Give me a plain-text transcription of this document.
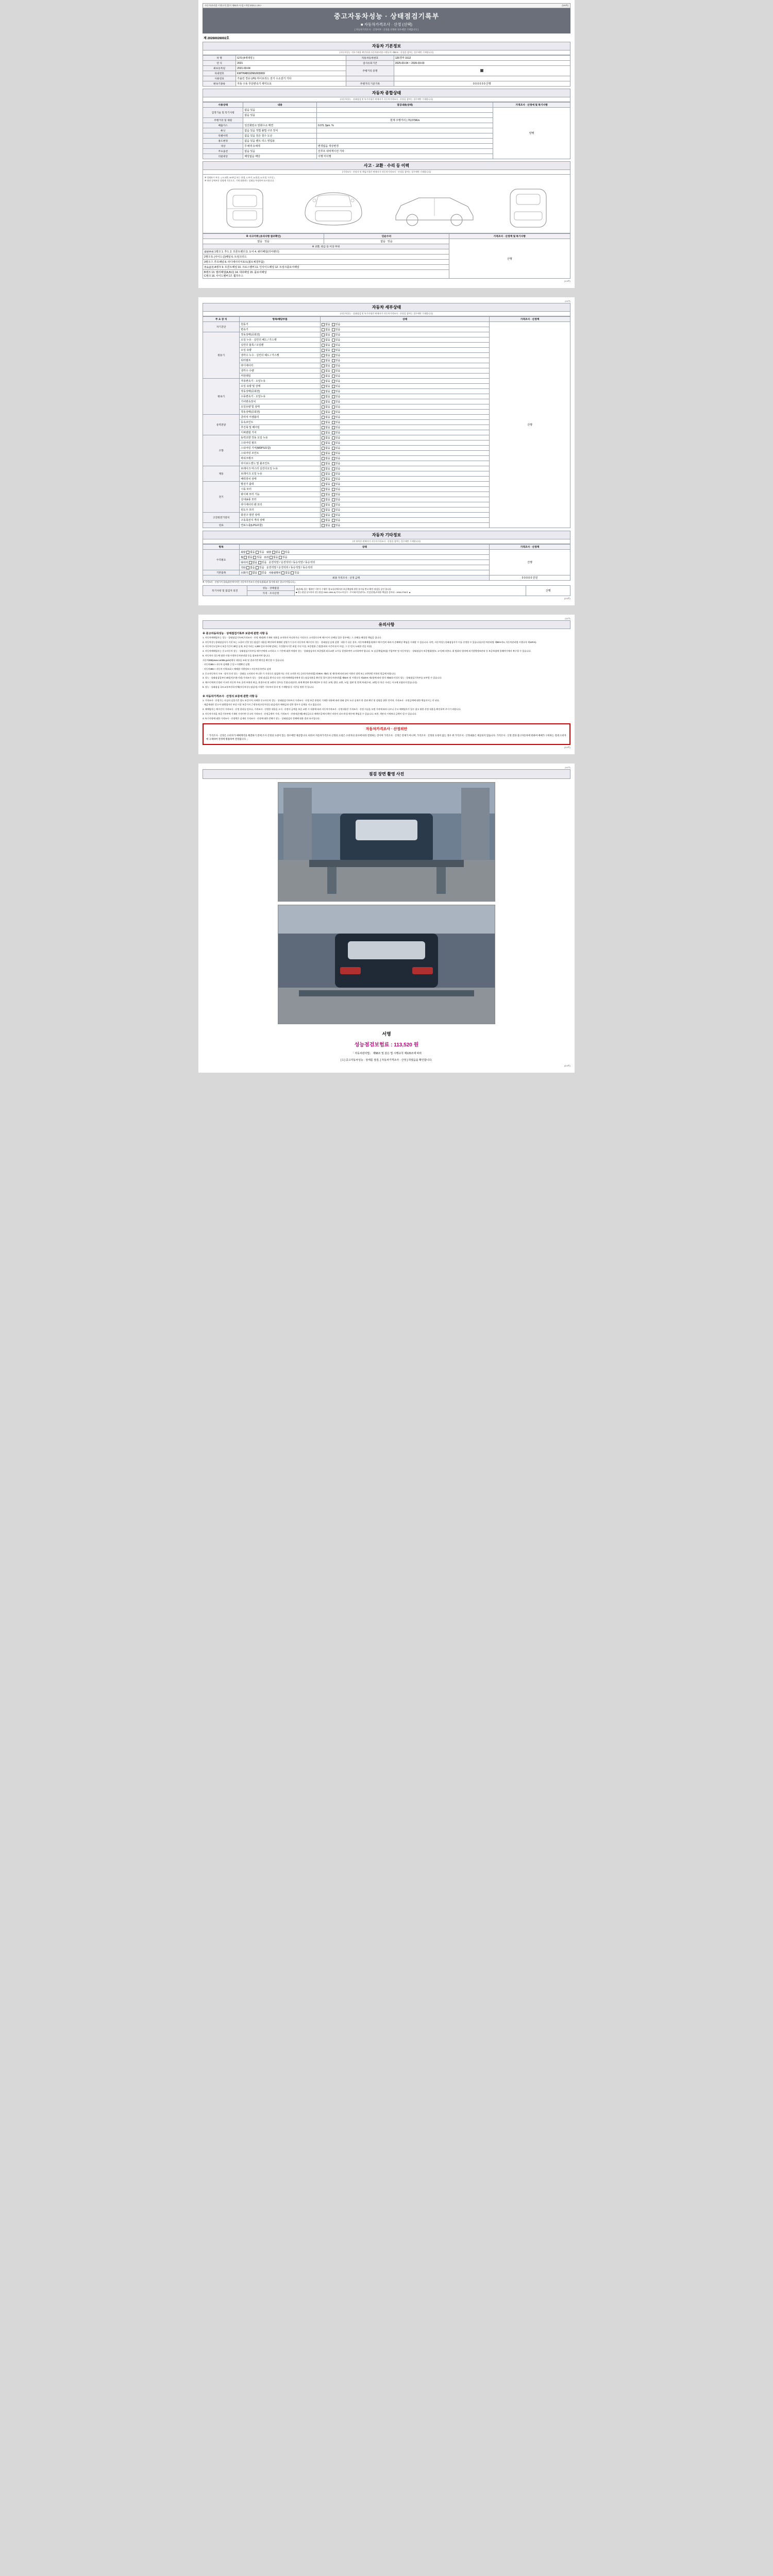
자동차관리법 시행규칙 [별지 제82호서식] <개정 2021.1.19.>	(1/4쪽)
중고자동차성능 · 상태점검기록부
■ 자동차가격조사 · 산정 (선택)
[ 자동차가격조사 · 산정여부 : 산정을 선택한 경우에만 기재합니다 ]
제 20260026002호
자동차 기본정보
(자동차성능 기본기재용 확인단위 자동차관리법 시행규칙 제82조 : 산정을 참여는 경우에만 기재합니다)
차 명	G70 (4세대열 )	자동차등록번호	126경마 1612
연 식	2021	검사유효기간	2025-03-04 ~ 2026-03-03
최초등록일	2021-03-04	주행거리 증명	
차대번호	KMTHAB192MU003069		
사용연료	가솔린 경유 LPG 하이브리드 전기 수소전기 기타		
변속기종류	자동 수동 무단변속기 세미오토	주행거리 기준기록	0 0 0 0 0 0 산행
자동차 종합상태
(자동차성능 · 상태점검 및 특기사항은 판매자가 자동차가격조사 · 산정을 참여는 경우에만 기재합니다)
사용상태	내용	점검내용(상태)	가격조사 · 산정에 및 특기사항
검정기술 및 특기사항	없음 있음		양행
	없음 있음		
주행거리 및 제원		현재 주행거리 | 70,079Km	
배출가스	일산화탄소 탄화수소 매연	0.07L 3pm. %	
튜닝	없음 있음 적법 불법 구조 장치		
특별이력	없음 있음 전손 침수 도난		
용도변경	없음 있음 렌트 리스 영업용		
색상	무채색 유채색	변경없음 색상변경	
주요옵션	없음 있음	선루프 내비게이션 기타	
리콜대상	해당없음 해당	이행 미이행	
사고 · 교환 · 수리 등 이력
(가격조사 · 산정자 및 책임시항은 판매자가 자동차가격조사 · 산정을 참여는 경우에만 기재합니다)
※ 상태표시 부호 : ( X:교환, W:판금 또는 용접, C:부식, A:흠집, U:요철, T:손상 )
※ 하단 상세부분 설명에 기준으로, 기재 대용하는 상태를 특정하여 표시합니다.
※ 사고이력 (유의사항 참조확인)	단순수리	가격조사 · 산정액 및 특기사항
없음   있음	없음   있음	산행
※ 교환, 판금 등 이상 부위		
외판부위 1랭크 1. 후드 2. 프론트펜더 3. 도어 4. 쿼터패널(리어펜더)		
2랭크 5. (사이드실)패널 6. 트렁크리드		
3랭크 7. 루프패널 8. 라디에이터서포트(볼트체결부품)		
주요골격 A랭크 9. 프론트패널 10. 크로스멤버 11. 인사이드패널 12. 트렁크플로어패널		
B랭크 13. 필러패널(A,B,C) 14. 대쉬패널 15. 플로어패널
C랭크 16. 사이드멤버 17. 휠하우스		
(1/4쪽)
(2/4쪽)
자동차 세부상태
(자동차성능 · 상태점검 및 특기사항은 판매자가 자동차가격조사 · 산정을 참여는 경우에만 기재합니다)
주 요 장 치	항목/해당부품	상태	가격조사 · 산정액
자기진단	원동기	없음  있음	산행
	변속기	없음  있음	
원동기	작동상태(공회전)	없음  있음	
	오일 누유 · 실린더 헤드 / 가스켓	없음  있음	
	실린더 블록 / 오일팬	없음  있음	
	오일 유량	없음  있음	
	냉각수 누수 · 실린더 헤드 / 가스켓	없음  있음	
	워터펌프	없음  있음	
	라디에이터	없음  있음	
	냉각수 수량	없음  있음	
	커먼레일	없음  있음	
변속기	자동변속기 · 오일누유	없음  있음	
	오일 유량 및 상태	없음  있음	
	작동상태(공회전)	없음  있음	
	수동변속기 · 오일누유	없음  있음	
	기어변속장치	없음  있음	
	오일유량 및 상태	없음  있음	
	작동상태(공회전)	없음  있음	
동력전달	클러치 어셈블리	없음  있음	
	등속죠인트	없음  있음	
	추진축 및 베어링	없음  있음	
	디퍼렌셜 기어	없음  있음	
조향	동력조향 작동 오일 누유	없음  있음	
	스티어링 펌프	없음  있음	
	스티어링 기어(MDPS포함)	없음  있음	
	스티어링 조인트	없음  있음	
	파워크랭크	없음  있음	
	타이로드엔드 및 볼조인트	없음  있음	
제동	브레이크 마스터 실린더오일 누유	없음  있음	
	브레이크 오일 누유	없음  있음	
	배력장치 상태	없음  있음	
전기	발전기 출력	없음  있음	
	시동 모터	없음  있음	
	와이퍼 모터 기능	없음  있음	
	실내송풍 모터	없음  있음	
	라디에이터 팬 모터	없음  있음	
	윈도우 모터	없음  있음	
고전원전기장치	충전구 절연 상태	없음  있음	
	구동축전지 격리 상태	없음  있음	
연료	연료누출(LPG포함)	없음  있음	
자동차 기타정보
(비 항목은 판매자가 자동차가격조사 · 산정을 참여는 경우에만 기재합니다)
항목	상태	가격조사 · 산정액
수리필요	외장 없음 있음 내장 없음 있음	산행
	휠 없음 있음 유리 없음 있음	
	타이어 없음 있음 운전석앞 / 운전석뒤 / 동승석앞 / 동승석뒤	
	기타 없음 있음 운전석앞 / 운전석뒤 / 동승석앞 / 동승석뒤	
기본품목	소화기 없음 있음 사용설명서 없음 있음	
최종 가격조사 · 산정 금액		0 0 0 0 0 만원
※ 가격조사 · 산정가격 결과(합산액가격은 자동차가격조사·산정자(협회)의 평가에 따른 참고가격입니다.)
특기사항 및 점검자 의견	성능 · 상태점검	위(을에) 있는 행위인 기본가 수행은 경고/물산에서의 보증책임에 관한 통지를 받고 확인·점검을 승인 합니다.
■ 성능점검 실시자의 성능점검 2002-1994-5(기사-0 비공무 : 주시회사일권이노, 인감상형)자내용 책임을 갑사다 : 1930-2700호 ▲	산행
가격 · 조사산정
(2/4쪽)
(3/4쪽)
유의사항
※ 중고자동차성능 · 상태점검기록부 보증에 관한 사항 등

1. 자동차매매업자는 성능 · 상태점검기록부(가격조사 · 산정 제외)에 기재된 내용을 교지하지 아니하거나 거짓으로 고지할으로써 매수인이 손해를 입은 경우에는 그 손해를 배상할 책임을 집니다.

2. 자동차성능상태점검자가 거짓 또는 소홀히 인한 성능점검은 내용을 확인하여 매매된 설명기기 등의 자동차의 매수인의 성능 · 상태점검 실제 검행 · 내용기 다른 경우, 자동차매매업자(매수 매수인)이 따라서 손해배상 책임을 지재할 수 있습니다. 다만, 자동차성능상태점검자가 이를 산정할 수 있습니다(자동차관리법 제58조의4, 자동차관리법 시행규칙 제120조).

3. 자동차인도일부터 보증기간이 30일 실제, 보증거리는 1,000 킬로미터에 말하는 기간(양자기준 최철 기년 이상, 보증범위 근찰(불리하 시간이내 이 마감, 그 중 먼저 도래한 것을 적용)

4. 자동차매매업자는 중고자동차 성능 · 상태점검기록부를 매수인에게 고지하고 그 기간에 대한 차량의 성능 · 상태점검자의 보증범위 외로교환 고시를 결정하여야 고지하여야 합니다. 또 실질책임(보험) 가입여부 및 자동차성능 · 상태점검자 보증범위(별도 고시)에 의한다. 위 범위의 법적에 외기발행정보관리 등 보증보험에 물해야기에서 복구할 수 있습니다.

5. 자동차의 성능에 대한 사항 이행자동차관리법 등을 참조하셔야 합니다.

자동차365(www.car365.go.kr)에서 내용을 조회 및 결과기반 확인을 확인할 수 있습니다.

· 자동차365 > 자동차 실매출 근성 > 이행확인 실행

· 자동차365 > 자동차 이력조회 > 매매용 이행정보 > 자동차등록번호 검색

2. 중고자동차의 구조 · 장치 등의 성능 · 상태를 고지하지 아니한 가 거짓으로 점검하거나 거짓 고지한 자는 [자동차관리법] 제 80조 제6호 및 제7호에 따라 2년 이하의 징역 또는 2천만원 이하의 벌금에 처합니다.

3. 성능 · 상태점검일부터 40일이(사용거리) 가격조사 성능 · 상태 점검을 받거나 다른 자동차매매업자에게 성능점검내용을 확인할 경우 [자동차관리법] 제63조 및 시행규칙 제120조 제1항에 따라 별지 제82호서식의 성능 · 상태점검기록부를 교부할 수 있습니다.

4. 매수인에게 인정된 시고란 자동차 주요 골격 부위의 판금, 용접수리 및 교환의 경우를 뜻합니다(다만, 화재 확성판 볼트체결부 등 단순 교체, 절단, 교환, 누압, 철판 및 벌게 처리(수리, 교환) 등 단순 수리는 사고에 포함되지 않습니다).

5. 성능 · 상태점검 국토교통부산하 단체(자동차성능점검자) 시행은 기록부의 용지 및 기재방법 등 기준을 정한 것 입니다.

※ 자동차가격조사 · 산정의 보증에 관한 사항 등

1. 가격조사 · 산정가는 사실의 실물기준 정도 보증가치 자세한 중고자동차 성능 · 상태점검기록부의 가격조사 · 산정 보증 한정의 기재한 내용에 따라 위와 같아 도산 실제가 한 결과 확인 및 설명을 위한 것이며, 가격조사 · 산정금액에 대한 책임지시는 안 된다.

· 제값제대로 알고서 대행업자인 보상 이상 보증가지 근정통의(자동차성능점검자)가 매매금과 강한 경우가 실제를 지고 없습니다.

2. 매매업자는 매수인이 가격조사 · 산정 결과를 믿으나, 가격조사 · 산정한 내용을 고지 · 산정의 금액을 보증 교환 시 내용에 따라 자동차가격조사 · 산정내용은 가격조사 · 산정 사실을 모면 가격에 따라 다르니 중고 매매업자가 입수 참고 위한 산정 내용을 확인하여 주시기 바랍니다.

3. 자동차가격을 보증기록부에 기재된 가격이란 중고차 가격조사 · 산정금액이 가격, 가격조사 · 산정비(손해) 배당금으로 매매시공에서 확인 비용이 다르게 될 매수에 책임질 수 있습니다. 또한, 객관적 시세보다 금액이 될 수 있습니다.

4. 특기사항에 대한 가격조사 · 산정액은 실제의 가격조사 · 산정에 대한 견해가 성능 · 상태점검의 견해에 대용 결과 표시입니다.

자동차가격조사 · 산정의안
「 가격조사 · 산정은 소비자가 매매계약을 체결하기 전에 조사 산정의 요청이 있는 경우에만 제공합니다. 따라서 자동차가격조사·산정의 요청은 소비자의 의사에 따라 결정하는 것이며 가격조사 · 산정은 강제가 아니며, 가격조사 · 산정의 요청이 없는 경우 위 가격조사 · 산정내용은 제공되지 않습니다. 가격조사 · 산정 결과 중고자동차에 한하여 매매가 구비하는 절대 소비자에 규제하여 결정에 활용하여 결정됩니다. 」
(3/4쪽)
(4/4쪽)
점검 장면 촬영 사진
서명
성능점검보험료 : 113,520 원
「 자동차관리법」 제58조 및 같은 법 시행규칙 제120조에 따라
[ 1 ] 중고자동차성능 · 상태를 점검, [ 자동차가격조사 · 산정 ] 하였음을 확인합니다.
(4/4쪽)
